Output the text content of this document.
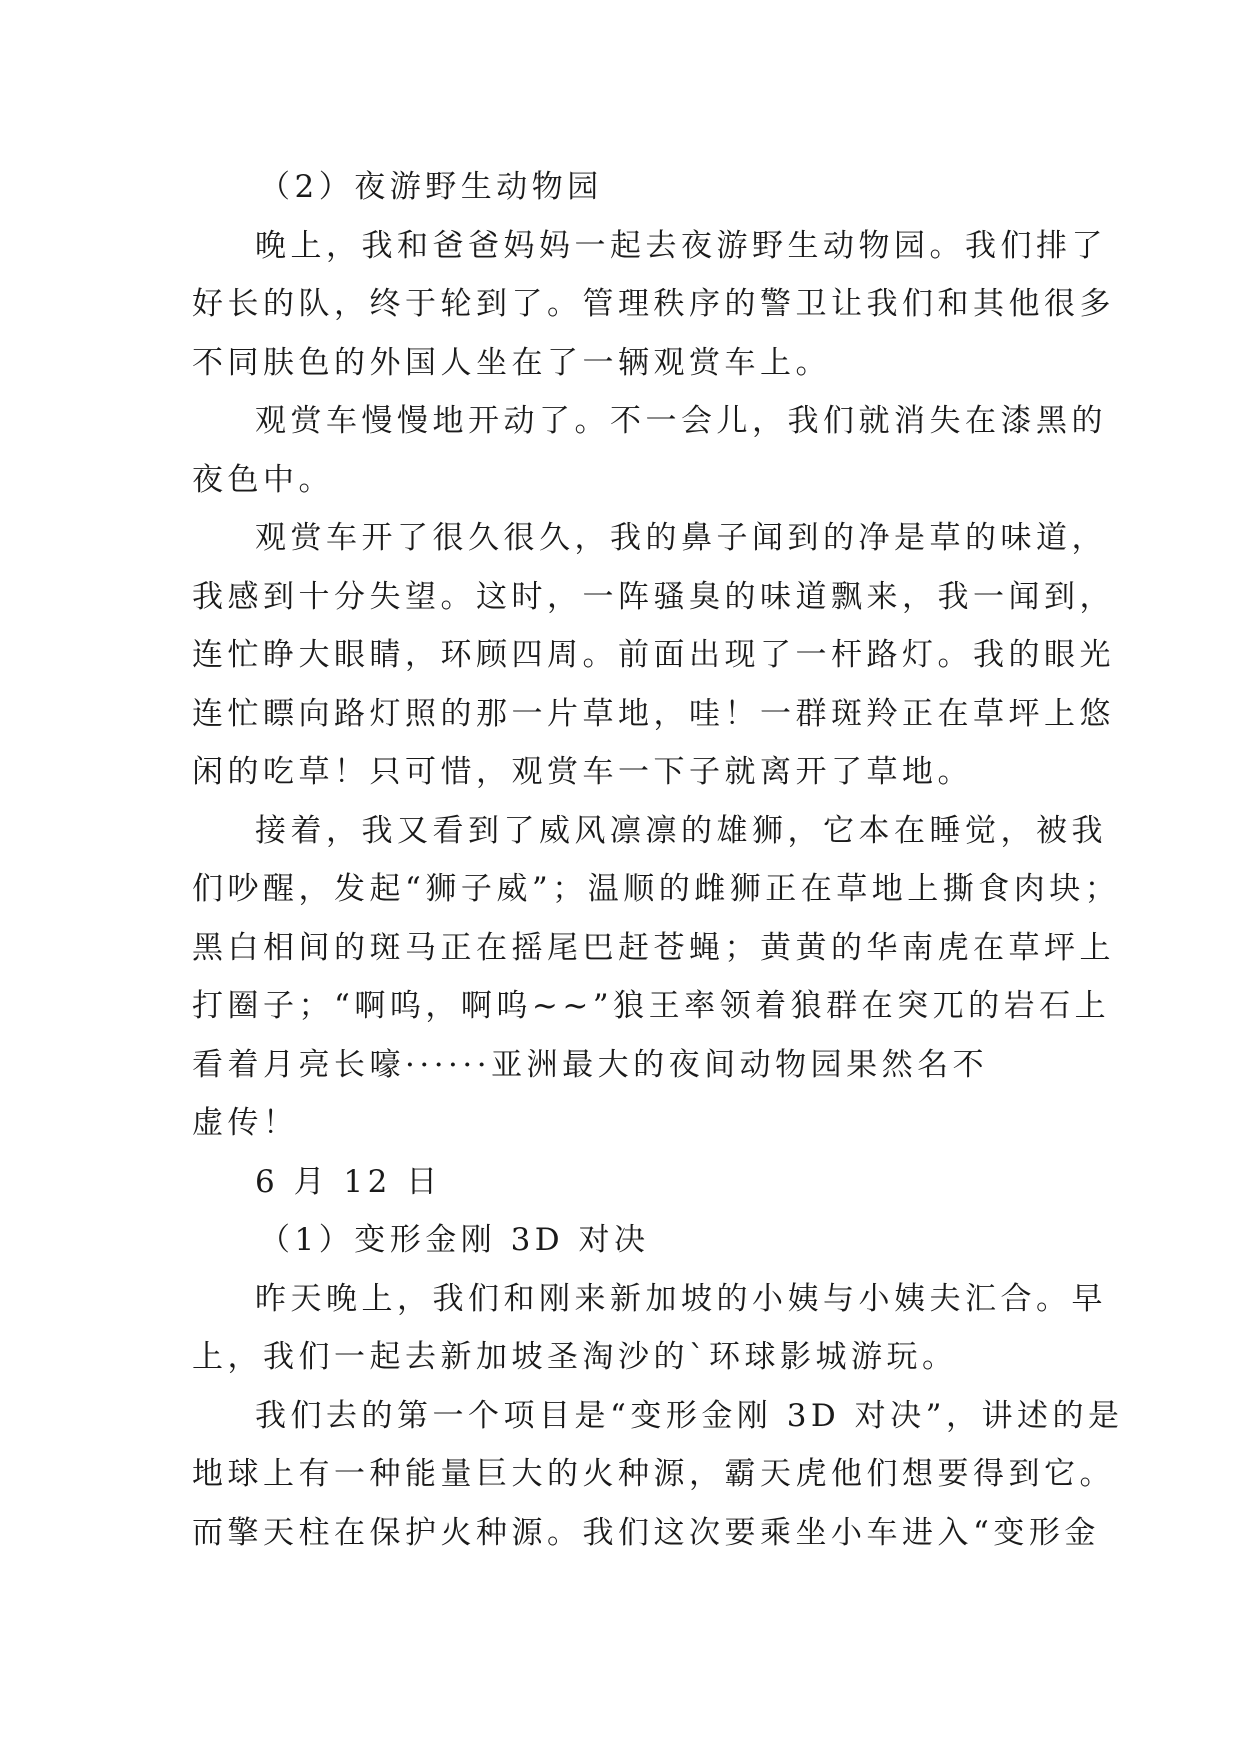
（2）夜游野生动物园
晚上，我和爸爸妈妈一起去夜游野生动物园。我们排了
好长的队，终于轮到了。管理秩序的警卫让我们和其他很多
不同肤色的外国人坐在了一辆观赏车上。
观赏车慢慢地开动了。不一会儿，我们就消失在漆黑的
夜色中。
观赏车开了很久很久，我的鼻子闻到的净是草的味道，
我感到十分失望。这时，一阵骚臭的味道飘来，我一闻到，
连忙睁大眼睛，环顾四周。前面出现了一杆路灯。我的眼光
连忙瞟向路灯照的那一片草地，哇！一群斑羚正在草坪上悠
闲的吃草！只可惜，观赏车一下子就离开了草地。
接着，我又看到了威风凛凛的雄狮，它本在睡觉，被我
们吵醒，发起“狮子威”；温顺的雌狮正在草地上撕食肉块；
黑白相间的斑马正在摇尾巴赶苍蝇；黄黄的华南虎在草坪上
打圈子；“啊呜，啊呜~~”狼王率领着狼群在突兀的岩石上
看着月亮长嚎······亚洲最大的夜间动物园果然名不
虚传！
6 月 12 日
（1）变形金刚 3D 对决
昨天晚上，我们和刚来新加坡的小姨与小姨夫汇合。早
上，我们一起去新加坡圣淘沙的`环球影城游玩。
我们去的第一个项目是“变形金刚 3D 对决”，讲述的是
地球上有一种能量巨大的火种源，霸天虎他们想要得到它。
而擎天柱在保护火种源。我们这次要乘坐小车进入“变形金
